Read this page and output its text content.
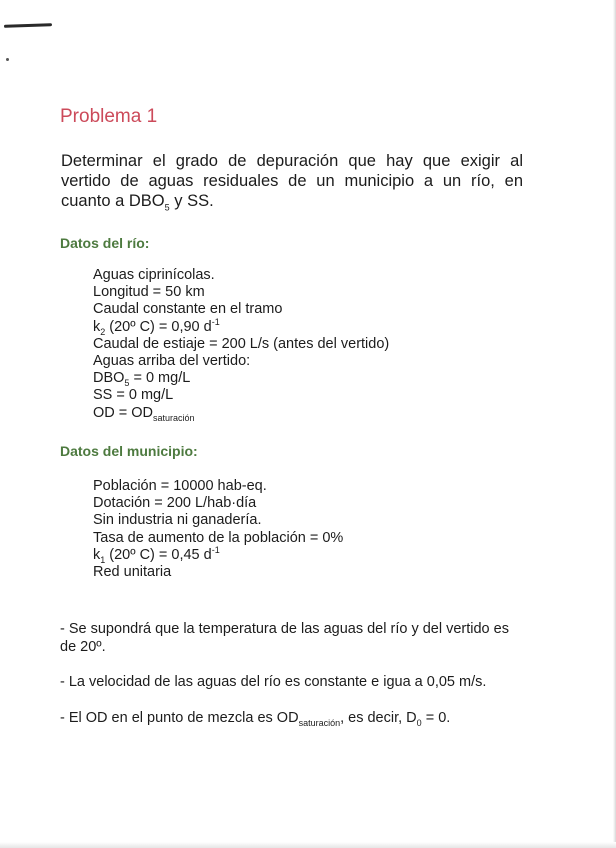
Problema 1

Determinar el grado de depuración que hay que exigir al vertido de aguas residuales de un municipio a un río, en cuanto a $DBO_5$ y SS.

Datos del río:
Aguas ciprinícolas.
Longitud = 50 km
Caudal constante en el tramo
$k_2$ (20º C) = 0,90 $d^{-1}$
Caudal de estiaje = 200 L/s (antes del vertido)
Aguas arriba del vertido:
$DBO_5 = 0$ mg/L
SS = 0 mg/L
OD = $OD_{saturación}$
Datos del municipio:
Población = 10000 hab-eq.
Dotación = 200 L/hab·día
Sin industria ni ganadería.
Tasa de aumento de la población = 0%
$k_1$ (20º C) = 0,45 $d^{-1}$
Red unitaria

- Se supondrá que la temperatura de las aguas del río y del vertido es de 20º.

- La velocidad de las aguas del río es constante e igua a 0,05 m/s.

- El OD en el punto de mezcla es $OD_{saturación}$, es decir, $D_0 = 0$.
